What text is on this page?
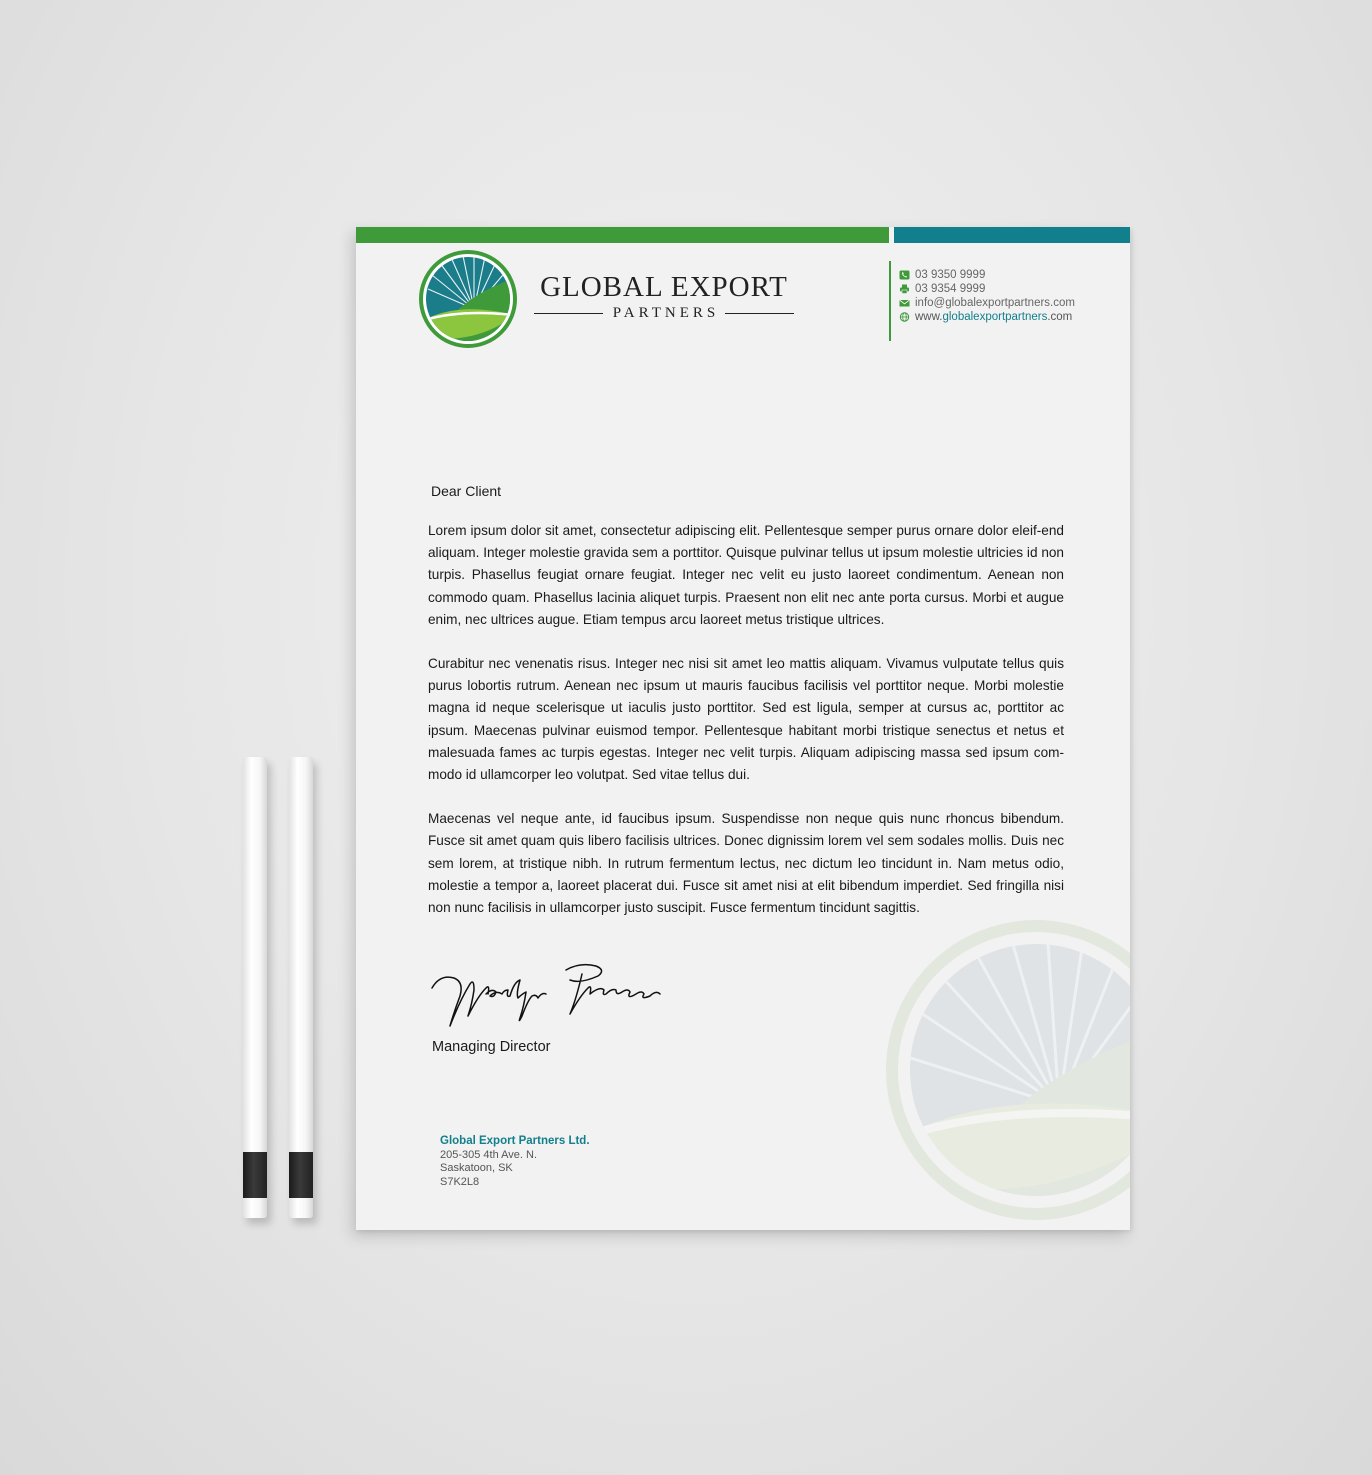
GLOBAL EXPORT
PARTNERS
03 9350 9999
03 9354 9999
info@globalexportpartners.com
www. globalexportpartners .com
Dear Client

Lorem ipsum dolor sit amet, consectetur adipiscing elit. Pellentesque semper purus ornare dolor eleif-end aliquam. Integer molestie gravida sem a porttitor. Quisque pulvinar tellus ut ipsum molestie ultricies id non turpis. Phasellus feugiat ornare feugiat. Integer nec velit eu justo laoreet condimentum. Aenean non commodo quam. Phasellus lacinia aliquet turpis. Praesent non elit nec ante porta cursus. Morbi et augue enim, nec ultrices augue. Etiam tempus arcu laoreet metus tristique ultrices.

Curabitur nec venenatis risus. Integer nec nisi sit amet leo mattis aliquam. Vivamus vulputate tellus quis purus lobortis rutrum. Aenean nec ipsum ut mauris faucibus facilisis vel porttitor neque. Morbi molestie magna id neque scelerisque ut iaculis justo porttitor. Sed est ligula, semper at cursus ac, porttitor ac ipsum. Maecenas pulvinar euismod tempor. Pellentesque habitant morbi tristique senectus et netus et malesuada fames ac turpis egestas. Integer nec velit turpis. Aliquam adipiscing massa sed ipsum com-modo id ullamcorper leo volutpat. Sed vitae tellus dui.

Maecenas vel neque ante, id faucibus ipsum. Suspendisse non neque quis nunc rhoncus bibendum. Fusce sit amet quam quis libero facilisis ultrices. Donec dignissim lorem vel sem sodales mollis. Duis nec sem lorem, at tristique nibh. In rutrum fermentum lectus, nec dictum leo tincidunt in. Nam metus odio, molestie a tempor a, laoreet placerat dui. Fusce sit amet nisi at elit bibendum imperdiet. Sed fringilla nisi non nunc facilisis in ullamcorper justo suscipit. Fusce fermentum tincidunt sagittis.

Managing Director
Global Export Partners Ltd.
205-305 4th Ave. N.
Saskatoon, SK
S7K2L8
